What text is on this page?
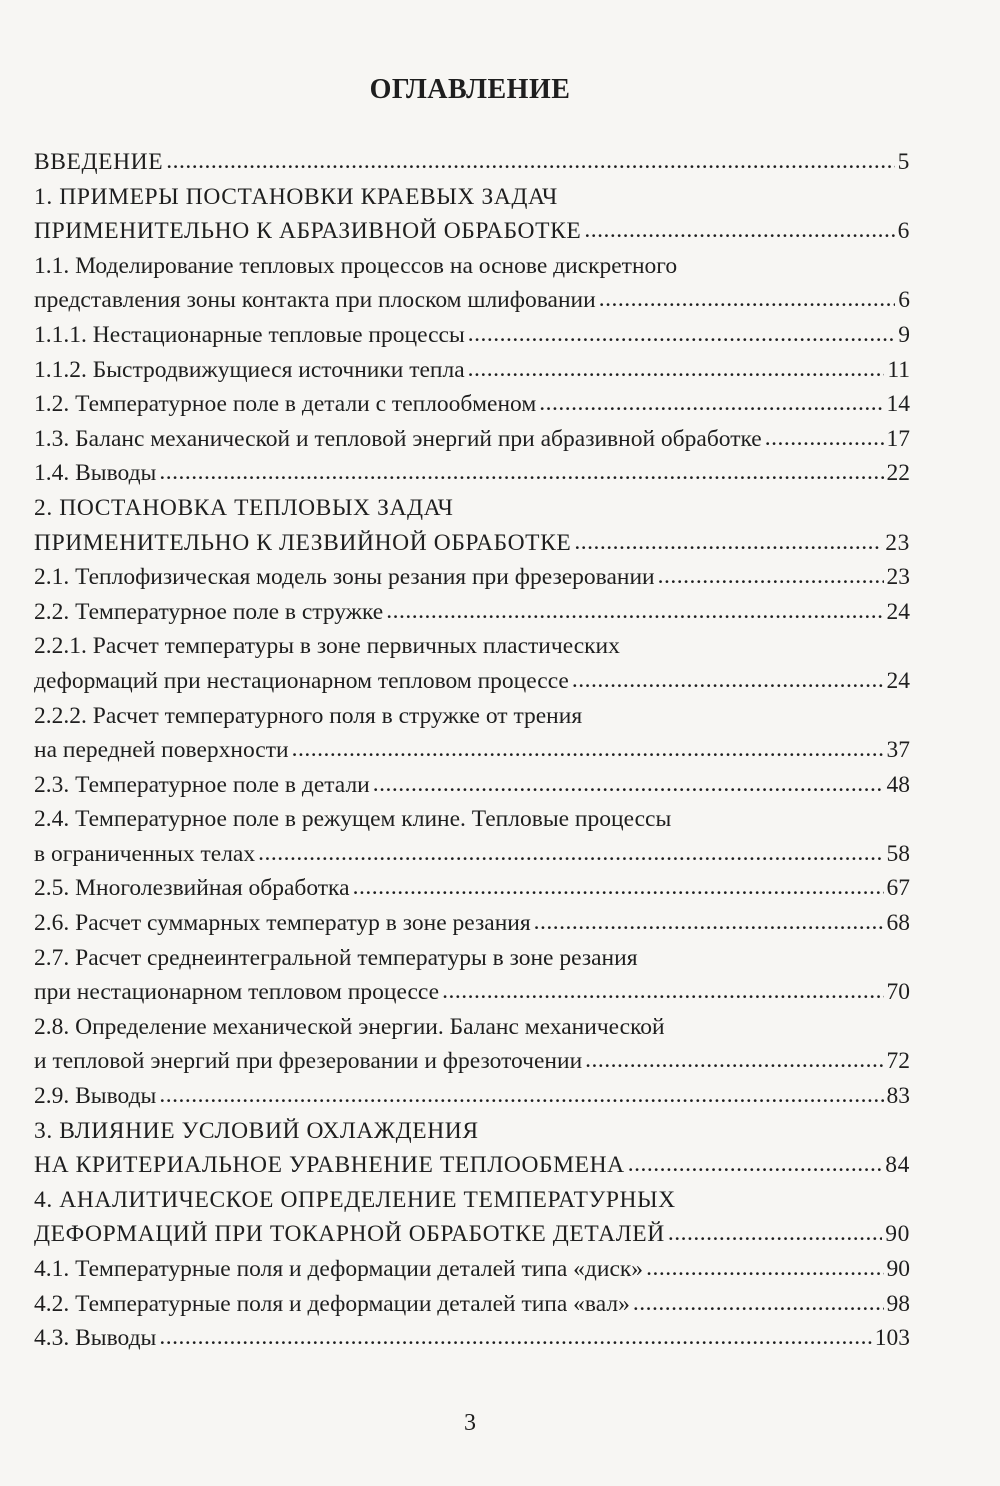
ОГЛАВЛЕНИЕ
ВВЕДЕНИЕ .....	5
1. ПРИМЕРЫ ПОСТАНОВКИ КРАЕВЫХ ЗАДАЧ
ПРИМЕНИТЕЛЬНО К АБРАЗИВНОЙ ОБРАБОТКЕ .....	6
1.1. Моделирование тепловых процессов на основе дискретного
представления зоны контакта при плоском шлифовании .....	6
1.1.1. Нестационарные тепловые процессы .....	9
1.1.2. Быстродвижущиеся источники тепла .....	11
1.2. Температурное поле в детали с теплообменом .....	14
1.3. Баланс механической и тепловой энергий при абразивной обработке .....	17
1.4. Выводы .....	22
2. ПОСТАНОВКА ТЕПЛОВЫХ ЗАДАЧ
ПРИМЕНИТЕЛЬНО К ЛЕЗВИЙНОЙ ОБРАБОТКЕ .....	23
2.1. Теплофизическая модель зоны резания при фрезеровании .....	23
2.2. Температурное поле в стружке .....	24
2.2.1. Расчет температуры в зоне первичных пластических
деформаций при нестационарном тепловом процессе .....	24
2.2.2. Расчет температурного поля в стружке от трения
на передней поверхности .....	37
2.3. Температурное поле в детали .....	48
2.4. Температурное поле в режущем клине. Тепловые процессы
в ограниченных телах .....	58
2.5. Многолезвийная обработка .....	67
2.6. Расчет суммарных температур в зоне резания .....	68
2.7. Расчет среднеинтегральной температуры в зоне резания
при нестационарном тепловом процессе .....	70
2.8. Определение механической энергии. Баланс механической
и тепловой энергий при фрезеровании и фрезоточении .....	72
2.9. Выводы .....	83
3. ВЛИЯНИЕ УСЛОВИЙ ОХЛАЖДЕНИЯ
НА КРИТЕРИАЛЬНОЕ УРАВНЕНИЕ ТЕПЛООБМЕНА .....	84
4. АНАЛИТИЧЕСКОЕ ОПРЕДЕЛЕНИЕ ТЕМПЕРАТУРНЫХ
ДЕФОРМАЦИЙ ПРИ ТОКАРНОЙ ОБРАБОТКЕ ДЕТАЛЕЙ .....	90
4.1. Температурные поля и деформации деталей типа «диск» .....	90
4.2. Температурные поля и деформации деталей типа «вал» .....	98
4.3. Выводы .....	103
3
